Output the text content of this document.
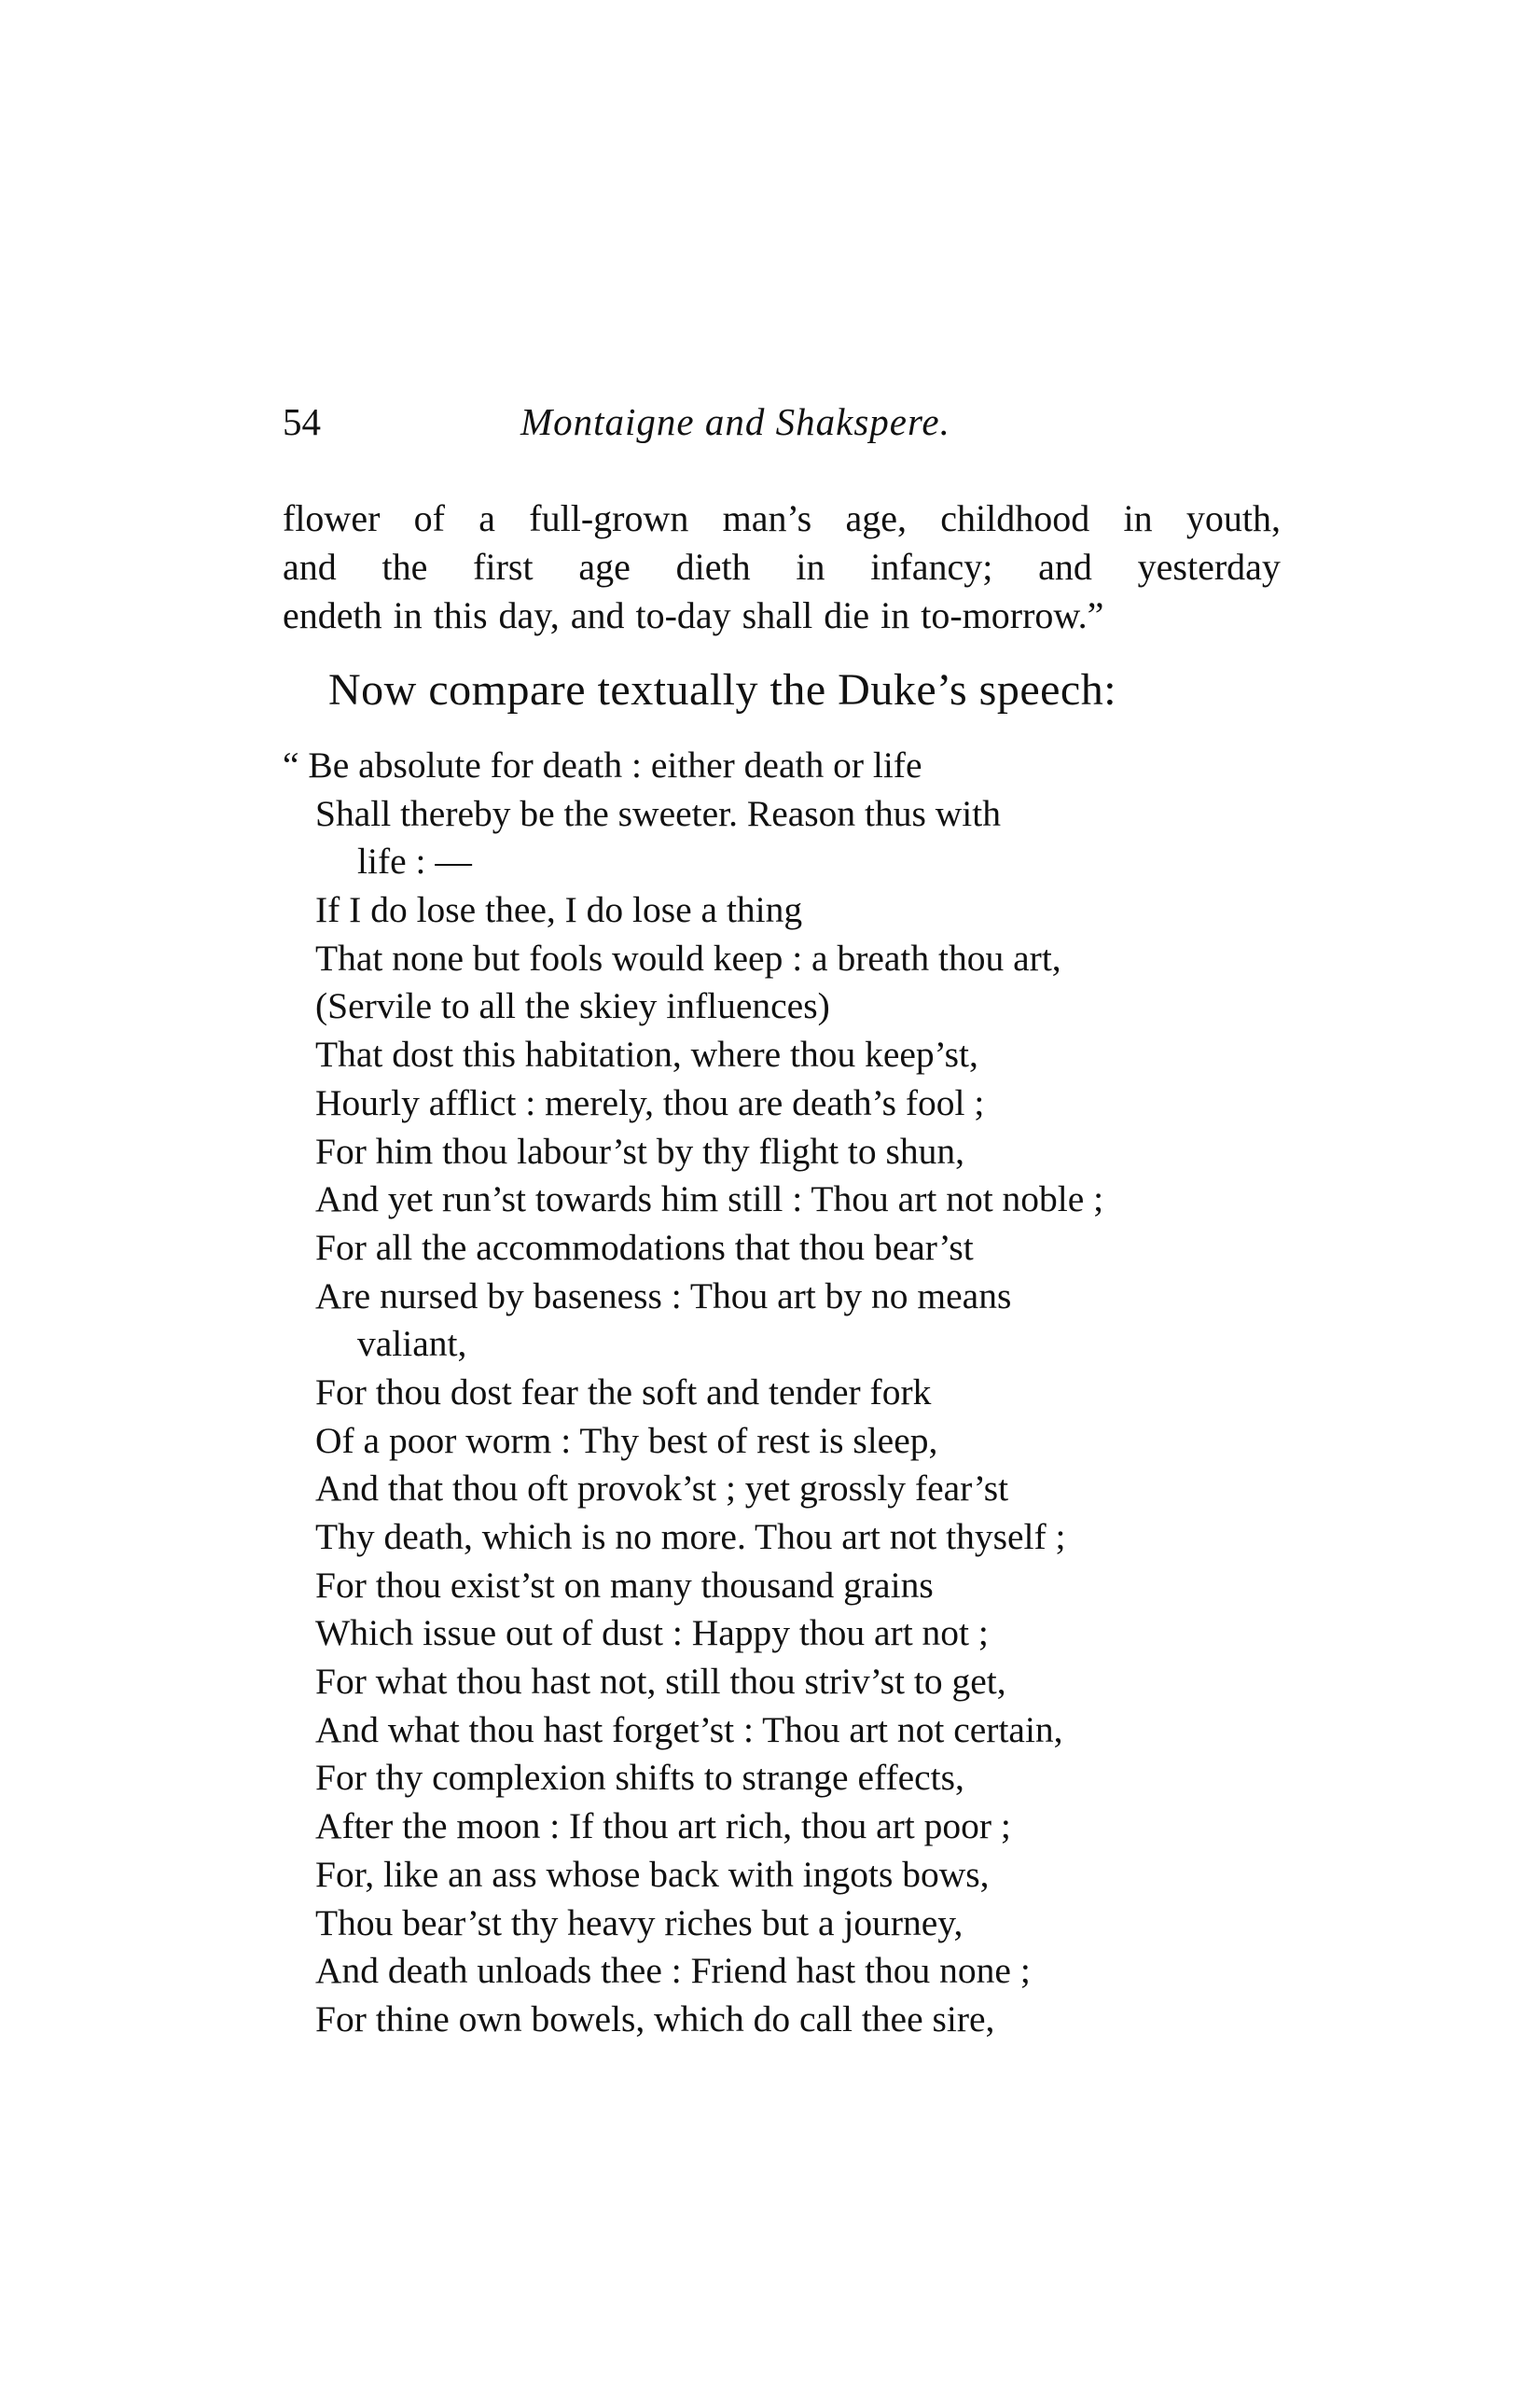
54	Montaigne and Shakspere.
flower of a full-grown man’s age, childhood in youth,
and the first age dieth in infancy; and yesterday
endeth in this day, and to-day shall die in to-morrow.”
Now compare textually the Duke’s speech:
“ Be absolute for death : either death or life
Shall thereby be the sweeter. Reason thus with
life : —
If I do lose thee, I do lose a thing
That none but fools would keep : a breath thou art,
(Servile to all the skiey influences)
That dost this habitation, where thou keep’st,
Hourly afflict : merely, thou are death’s fool ;
For him thou labour’st by thy flight to shun,
And yet run’st towards him still : Thou art not noble ;
For all the accommodations that thou bear’st
Are nursed by baseness : Thou art by no means
valiant,
For thou dost fear the soft and tender fork
Of a poor worm : Thy best of rest is sleep,
And that thou oft provok’st ; yet grossly fear’st
Thy death, which is no more. Thou art not thyself ;
For thou exist’st on many thousand grains
Which issue out of dust : Happy thou art not ;
For what thou hast not, still thou striv’st to get,
And what thou hast forget’st : Thou art not certain,
For thy complexion shifts to strange effects,
After the moon : If thou art rich, thou art poor ;
For, like an ass whose back with ingots bows,
Thou bear’st thy heavy riches but a journey,
And death unloads thee : Friend hast thou none ;
For thine own bowels, which do call thee sire,
